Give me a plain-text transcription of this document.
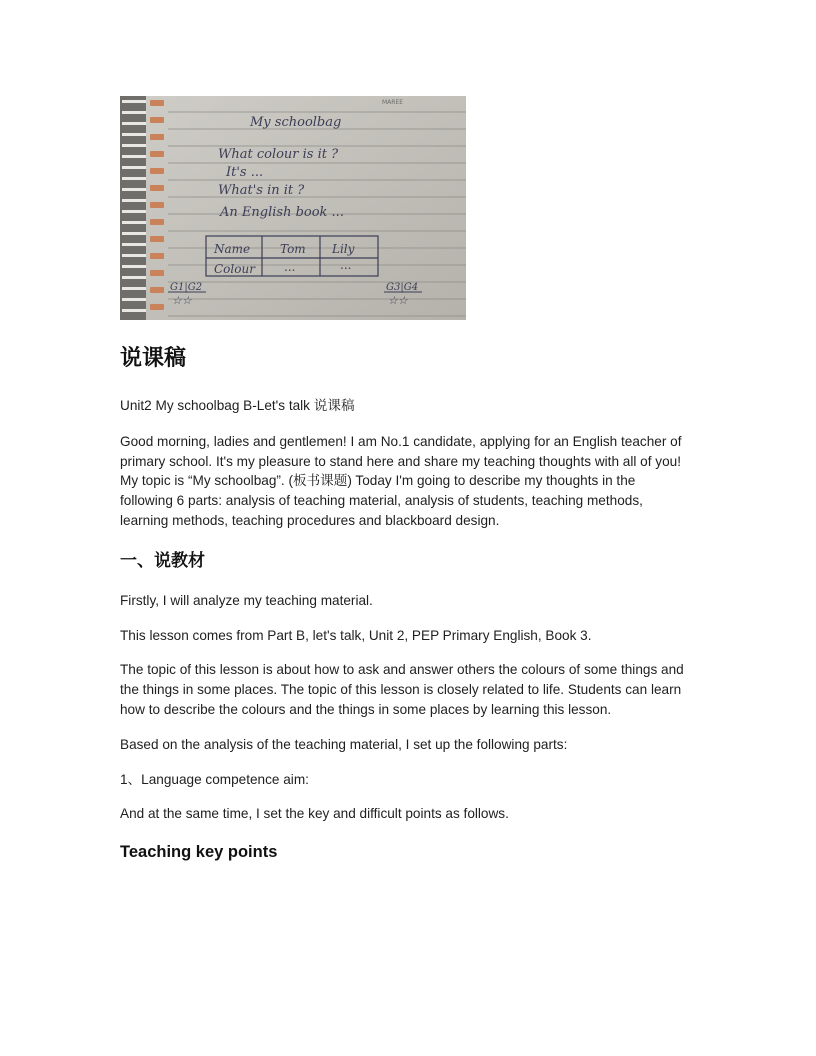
MAREE
My schoolbag
What colour is it ?
It's ...
What's in it ?
An English book ...
Name Tom Lily
Colour ...	...
G1|G2
☆☆
G3|G4
☆☆
说课稿

Unit2 My schoolbag B-Let's talk 说课稿

Good morning, ladies and gentlemen! I am No.1 candidate, applying for an English teacher of primary school. It's my pleasure to stand here and share my teaching thoughts with all of you! My topic is “My schoolbag”. (板书课题) Today I'm going to describe my thoughts in the following 6 parts: analysis of teaching material, analysis of students, teaching methods, learning methods, teaching procedures and blackboard design.

一、说教材

Firstly, I will analyze my teaching material.

This lesson comes from Part B, let's talk, Unit 2, PEP Primary English, Book 3.

The topic of this lesson is about how to ask and answer others the colours of some things and the things in some places. The topic of this lesson is closely related to life. Students can learn how to describe the colours and the things in some places by learning this lesson.

Based on the analysis of the teaching material, I set up the following parts:

1、Language competence aim:

And at the same time, I set the key and difficult points as follows.

Teaching key points
